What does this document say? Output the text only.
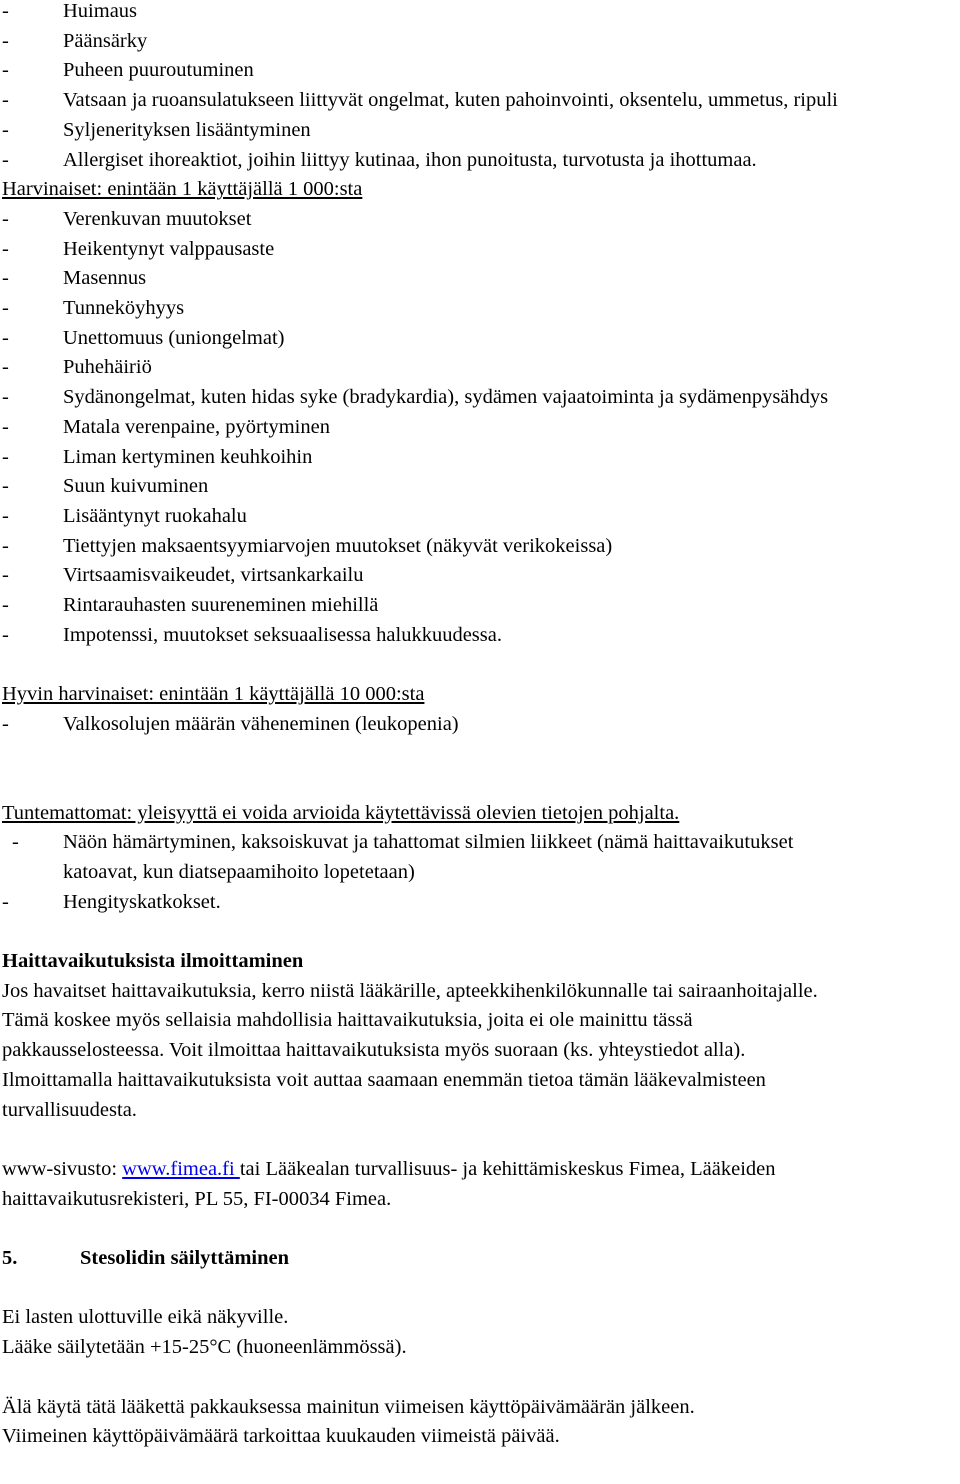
-	Huimaus
-	Päänsärky
-	Puheen puuroutuminen
-	Vatsaan ja ruoansulatukseen liittyvät ongelmat, kuten pahoinvointi, oksentelu, ummetus, ripuli
-	Syljenerityksen lisääntyminen
-	Allergiset ihoreaktiot, joihin liittyy kutinaa, ihon punoitusta, turvotusta ja ihottumaa.
Harvinaiset: enintään 1 käyttäjällä 1 000:sta
-	Verenkuvan muutokset
-	Heikentynyt valppausaste
-	Masennus
-	Tunneköyhyys
-	Unettomuus (uniongelmat)
-	Puhehäiriö
-	Sydänongelmat, kuten hidas syke (bradykardia), sydämen vajaatoiminta ja sydämenpysähdys
-	Matala verenpaine, pyörtyminen
-	Liman kertyminen keuhkoihin
-	Suun kuivuminen
-	Lisääntynyt ruokahalu
-	Tiettyjen maksaentsyymiarvojen muutokset (näkyvät verikokeissa)
-	Virtsaamisvaikeudet, virtsankarkailu
-	Rintarauhasten suureneminen miehillä
-	Impotenssi, muutokset seksuaalisessa halukkuudessa.
Hyvin harvinaiset: enintään 1 käyttäjällä 10 000:sta
-	Valkosolujen määrän väheneminen (leukopenia)
Tuntemattomat: yleisyyttä ei voida arvioida käytettävissä olevien tietojen pohjalta.
-	Näön hämärtyminen, kaksoiskuvat ja tahattomat silmien liikkeet (nämä haittavaikutukset
katoavat, kun diatsepaamihoito lopetetaan)
-	Hengityskatkokset.
Haittavaikutuksista ilmoittaminen
Jos havaitset haittavaikutuksia, kerro niistä lääkärille, apteekkihenkilökunnalle tai sairaanhoitajalle.
Tämä koskee myös sellaisia mahdollisia haittavaikutuksia, joita ei ole mainittu tässä
pakkausselosteessa. Voit ilmoittaa haittavaikutuksista myös suoraan (ks. yhteystiedot alla).
Ilmoittamalla haittavaikutuksista voit auttaa saamaan enemmän tietoa tämän lääkevalmisteen
turvallisuudesta.
www-sivusto: www.fimea.fi tai Lääkealan turvallisuus- ja kehittämiskeskus Fimea, Lääkeiden
haittavaikutusrekisteri, PL 55, FI-00034 Fimea.
5.	Stesolidin säilyttäminen
Ei lasten ulottuville eikä näkyville.
Lääke säilytetään +15-25°C (huoneenlämmössä).
Älä käytä tätä lääkettä pakkauksessa mainitun viimeisen käyttöpäivämäärän jälkeen.
Viimeinen käyttöpäivämäärä tarkoittaa kuukauden viimeistä päivää.
